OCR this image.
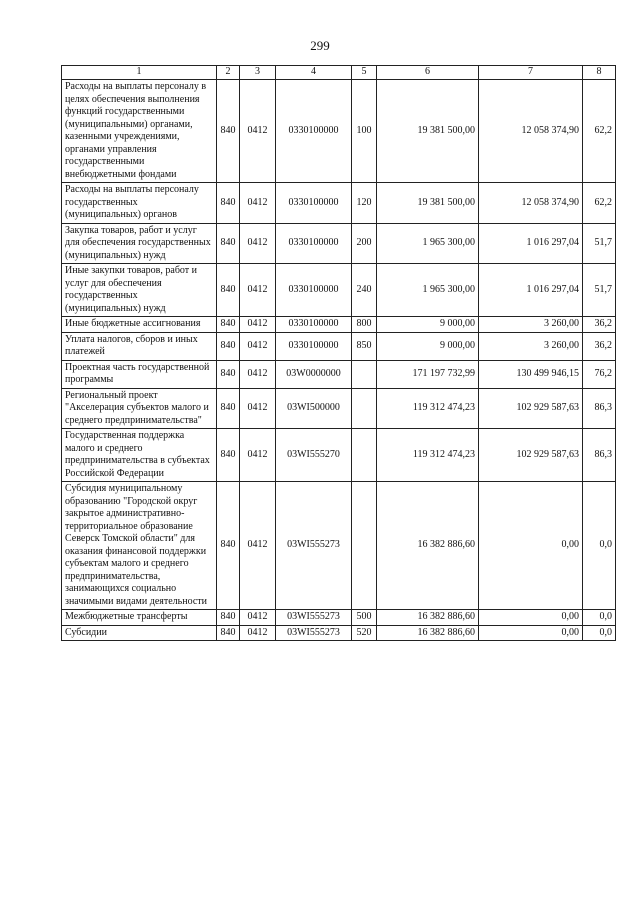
299
1	2	3	4	5	6	7	8
Расходы на выплаты персоналу в целях обеспечения выполнения функций государственными (муниципальными) органами, казенными учреждениями, органами управления государственными внебюджетными фондами	840	0412	0330100000	100	19 381 500,00	12 058 374,90	62,2
Расходы на выплаты персоналу государственных (муниципальных) органов	840	0412	0330100000	120	19 381 500,00	12 058 374,90	62,2
Закупка товаров, работ и услуг для обеспечения государственных (муниципальных) нужд	840	0412	0330100000	200	1 965 300,00	1 016 297,04	51,7
Иные закупки товаров, работ и услуг для обеспечения государственных (муниципальных) нужд	840	0412	0330100000	240	1 965 300,00	1 016 297,04	51,7
Иные бюджетные ассигнования	840	0412	0330100000	800	9 000,00	3 260,00	36,2
Уплата налогов, сборов и иных платежей	840	0412	0330100000	850	9 000,00	3 260,00	36,2
Проектная часть государственной программы	840	0412	03W0000000		171 197 732,99	130 499 946,15	76,2
Региональный проект "Акселерация субъектов малого и среднего предпринимательства"	840	0412	03WI500000		119 312 474,23	102 929 587,63	86,3
Государственная поддержка малого и среднего предпринимательства в субъектах Российской Федерации	840	0412	03WI555270		119 312 474,23	102 929 587,63	86,3
Субсидия муниципальному образованию "Городской округ закрытое административно-территориальное образование Северск Томской области" для оказания финансовой поддержки субъектам малого и среднего предпринимательства, занимающихся социально значимыми видами деятельности	840	0412	03WI555273		16 382 886,60	0,00	0,0
Межбюджетные трансферты	840	0412	03WI555273	500	16 382 886,60	0,00	0,0
Субсидии	840	0412	03WI555273	520	16 382 886,60	0,00	0,0
